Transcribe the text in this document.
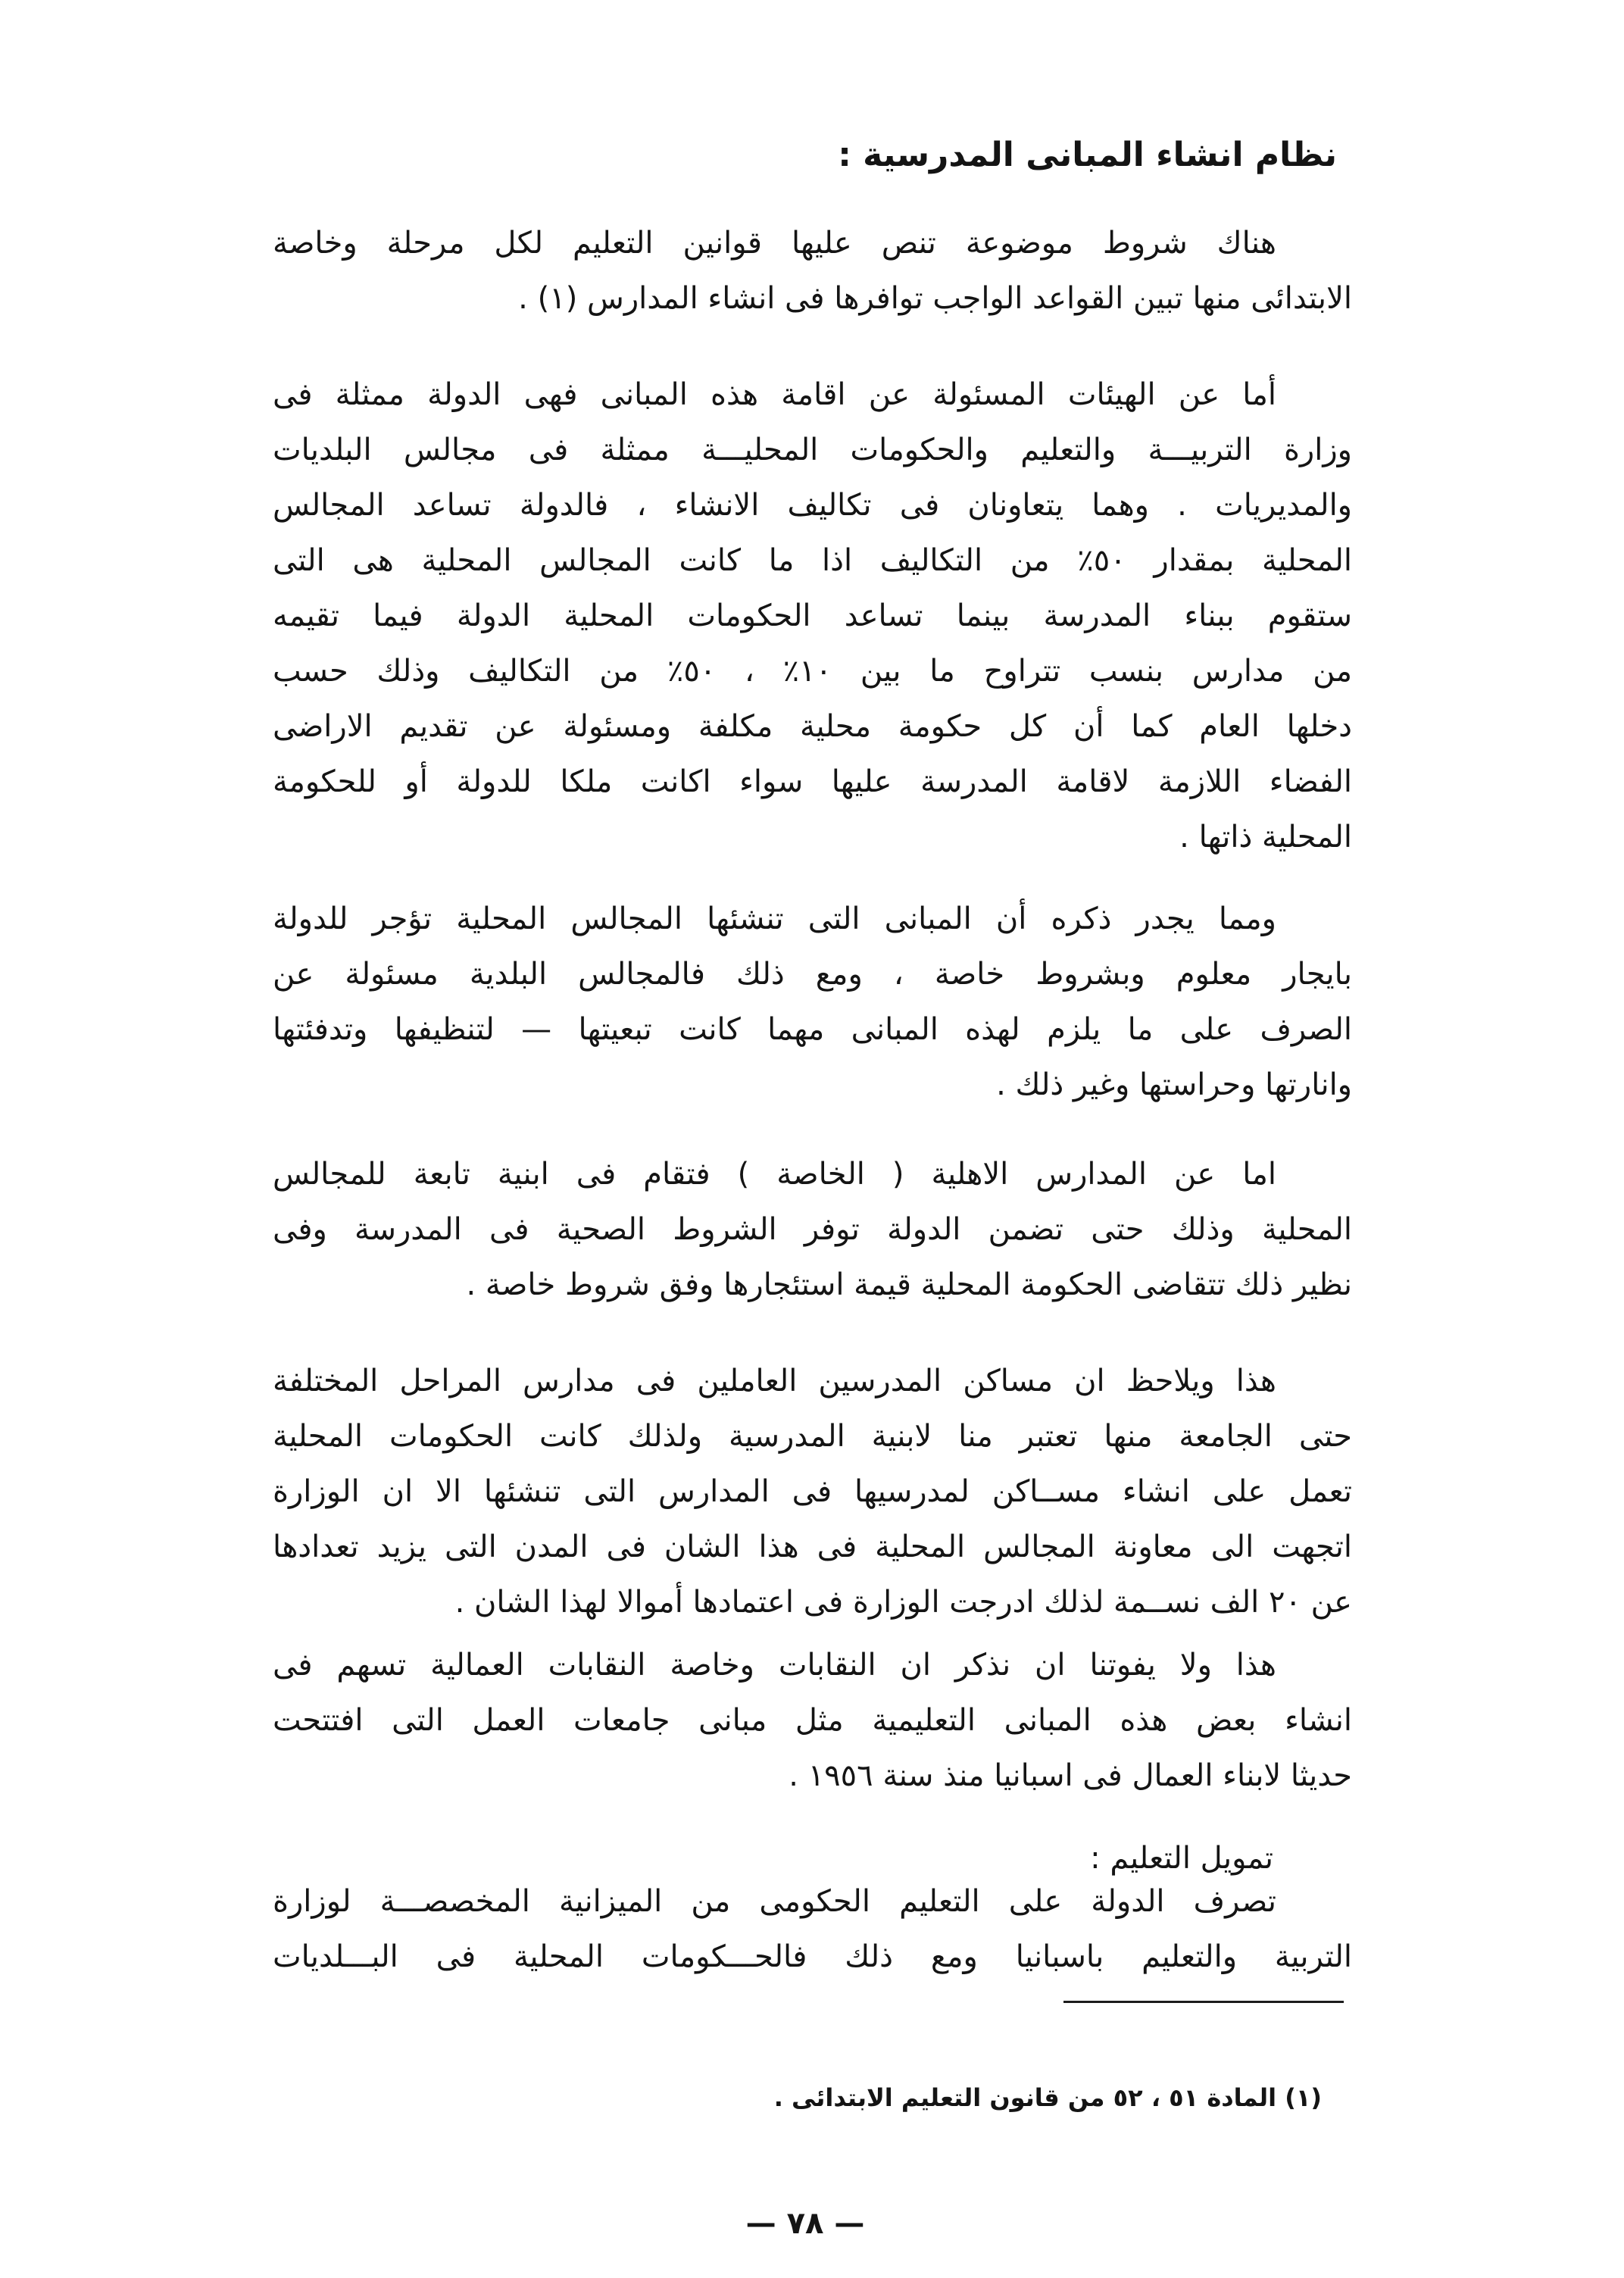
نظام انشاء المبانى المدرسية :
هناك شروط موضوعة تنص عليها قوانين التعليم لكل مرحلة وخاصة
الابتدائى منها تبين القواعد الواجب توافرها فى انشاء المدارس (١) .
أما عن الهيئات المسئولة عن اقامة هذه المبانى فهى الدولة ممثلة فى
وزارة التربيـــة والتعليم والحكومات المحليـــة ممثلة فى مجالس البلديات
والمديريات . وهما يتعاونان فى تكاليف الانشاء ، فالدولة تساعد المجالس
المحلية بمقدار ٥٠٪ من التكاليف اذا ما كانت المجالس المحلية هى التى
ستقوم ببناء المدرسة بينما تساعد الحكومات المحلية الدولة فيما تقيمه
من مدارس بنسب تتراوح ما بين ١٠٪ ، ٥٠٪ من التكاليف وذلك حسب
دخلها العام كما أن كل حكومة محلية مكلفة ومسئولة عن تقديم الاراضى
الفضاء اللازمة لاقامة المدرسة عليها سواء اكانت ملكا للدولة أو للحكومة
المحلية ذاتها .
ومما يجدر ذكره أن المبانى التى تنشئها المجالس المحلية تؤجر للدولة
بايجار معلوم وبشروط خاصة ، ومع ذلك فالمجالس البلدية مسئولة عن
الصرف على ما يلزم لهذه المبانى مهما كانت تبعيتها — لتنظيفها وتدفئتها
وانارتها وحراستها وغير ذلك .
اما عن المدارس الاهلية ( الخاصة ) فتقام فى ابنية تابعة للمجالس
المحلية وذلك حتى تضمن الدولة توفر الشروط الصحية فى المدرسة وفى
نظير ذلك تتقاضى الحكومة المحلية قيمة استئجارها وفق شروط خاصة .
هذا ويلاحظ ان مساكن المدرسين العاملين فى مدارس المراحل المختلفة
حتى الجامعة منها تعتبر منا لابنية المدرسية ولذلك كانت الحكومات المحلية
تعمل على انشاء مســاكن لمدرسيها فى المدارس التى تنشئها الا ان الوزارة
اتجهت الى معاونة المجالس المحلية فى هذا الشان فى المدن التى يزيد تعدادها
عن ٢٠ الف نســمة لذلك ادرجت الوزارة فى اعتمادها أموالا لهذا الشان .
هذا ولا يفوتنا ان نذكر ان النقابات وخاصة النقابات العمالية تسهم فى
انشاء بعض هذه المبانى التعليمية مثل مبانى جامعات العمل التى افتتحت
حديثا لابناء العمال فى اسبانيا منذ سنة ١٩٥٦ .
تمويل التعليم :
تصرف الدولة على التعليم الحكومى من الميزانية المخصصـــة لوزارة
التربية والتعليم باسبانيا ومع ذلك فالحـــكومات المحلية فى البـــلديات
(١) المادة ٥١ ، ٥٢ من قانون التعليم الابتدائى .
— ٧٨ —
